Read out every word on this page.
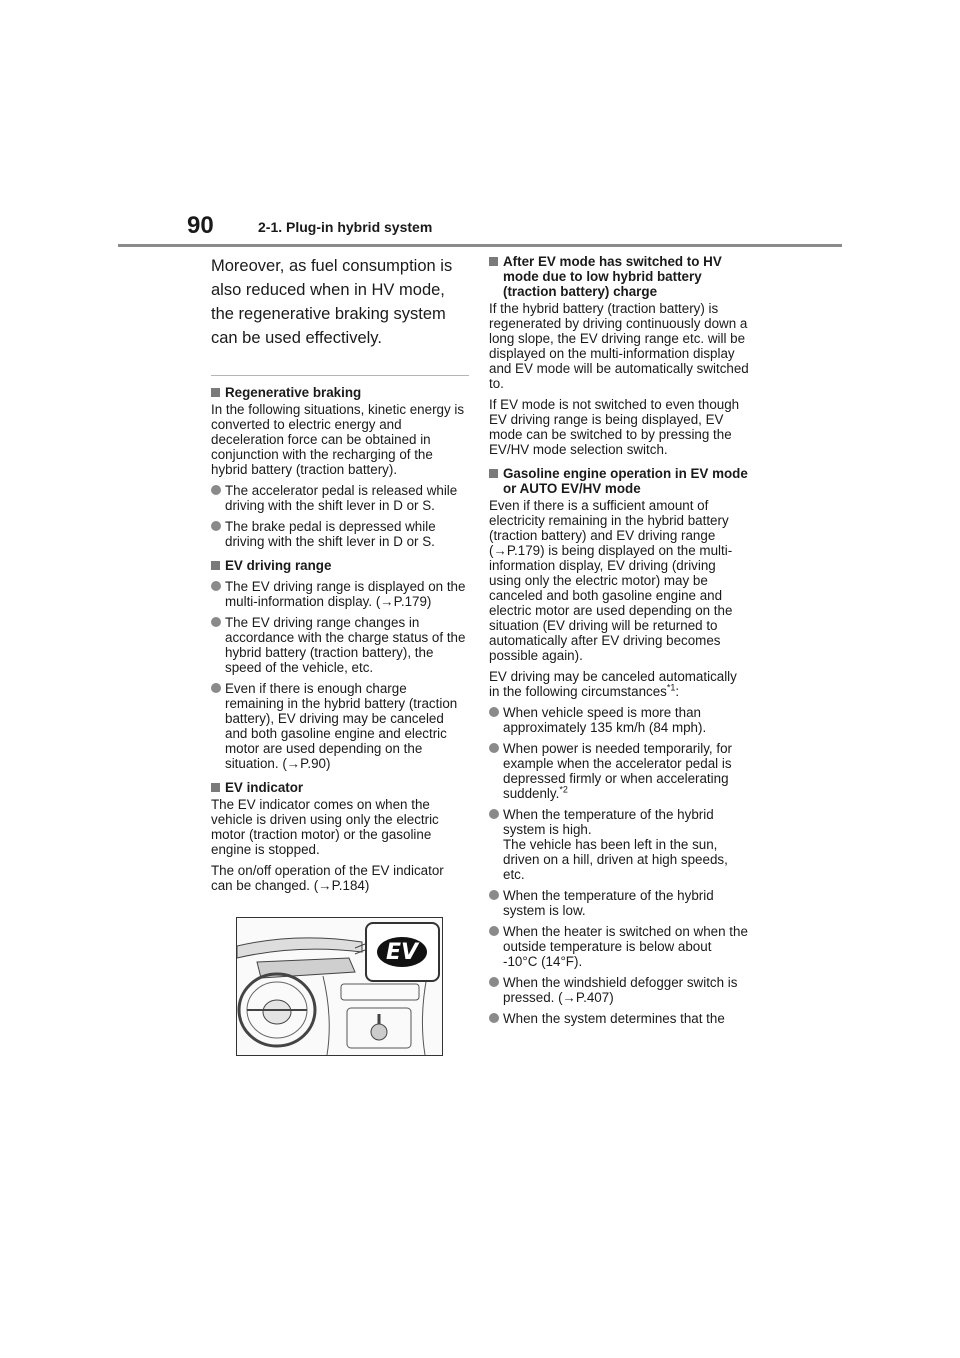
90	2-1. Plug-in hybrid system

Moreover, as fuel consumption is also reduced when in HV mode, the regenerative braking system can be used effectively.

Regenerative braking

In the following situations, kinetic energy is converted to electric energy and deceleration force can be obtained in conjunction with the recharging of the hybrid battery (traction battery).

The accelerator pedal is released while driving with the shift lever in D or S.

The brake pedal is depressed while driving with the shift lever in D or S.

EV driving range

The EV driving range is displayed on the multi-information display. (→P.179)

The EV driving range changes in accordance with the charge status of the hybrid battery (traction battery), the speed of the vehicle, etc.

Even if there is enough charge remaining in the hybrid battery (traction battery), EV driving may be canceled and both gasoline engine and electric motor are used depending on the situation. (→P.90)

EV indicator

The EV indicator comes on when the vehicle is driven using only the electric motor (traction motor) or the gasoline engine is stopped.

The on/off operation of the EV indicator can be changed. (→P.184)

EV

After EV mode has switched to HV mode due to low hybrid battery (traction battery) charge

If the hybrid battery (traction battery) is regenerated by driving continuously down a long slope, the EV driving range etc. will be displayed on the multi-information display and EV mode will be automatically switched to.

If EV mode is not switched to even though EV driving range is being displayed, EV mode can be switched to by pressing the EV/HV mode selection switch.

Gasoline engine operation in EV mode or AUTO EV/HV mode

Even if there is a sufficient amount of electricity remaining in the hybrid battery (traction battery) and EV driving range (→P.179) is being displayed on the multi-information display, EV driving (driving using only the electric motor) may be canceled and both gasoline engine and electric motor are used depending on the situation (EV driving will be returned to automatically after EV driving becomes possible again).

EV driving may be canceled automatically in the following circumstances$^{*1}$:

When vehicle speed is more than approximately 135 km/h (84 mph).

When power is needed temporarily, for example when the accelerator pedal is depressed firmly or when accelerating suddenly.$^{*2}$

When the temperature of the hybrid system is high.
The vehicle has been left in the sun, driven on a hill, driven at high speeds, etc.

When the temperature of the hybrid system is low.

When the heater is switched on when the outside temperature is below about -10°C (14°F).

When the windshield defogger switch is pressed. (→P.407)

When the system determines that the
